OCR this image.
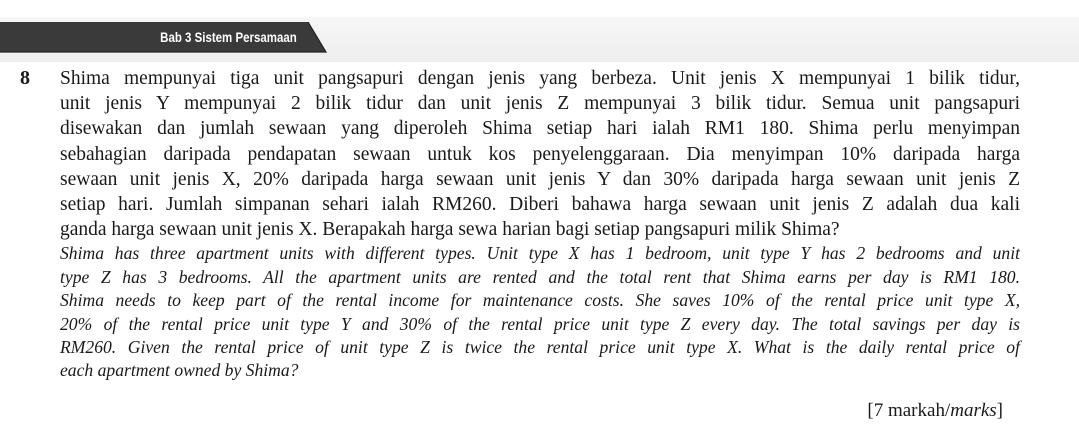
Bab 3 Sistem Persamaan
8 Shima mempunyai tiga unit pangsapuri dengan jenis yang berbeza. Unit jenis X mempunyai 1 bilik tidur,
unit jenis Y mempunyai 2 bilik tidur dan unit jenis Z mempunyai 3 bilik tidur. Semua unit pangsapuri
disewakan dan jumlah sewaan yang diperoleh Shima setiap hari ialah RM1 180. Shima perlu menyimpan
sebahagian daripada pendapatan sewaan untuk kos penyelenggaraan. Dia menyimpan 10% daripada harga
sewaan unit jenis X, 20% daripada harga sewaan unit jenis Y dan 30% daripada harga sewaan unit jenis Z
setiap hari. Jumlah simpanan sehari ialah RM260. Diberi bahawa harga sewaan unit jenis Z adalah dua kali
ganda harga sewaan unit jenis X. Berapakah harga sewa harian bagi setiap pangsapuri milik Shima?
Shima has three apartment units with different types. Unit type X has 1 bedroom, unit type Y has 2 bedrooms and unit
type Z has 3 bedrooms. All the apartment units are rented and the total rent that Shima earns per day is RM1 180.
Shima needs to keep part of the rental income for maintenance costs. She saves 10% of the rental price unit type X,
20% of the rental price unit type Y and 30% of the rental price unit type Z every day. The total savings per day is
RM260. Given the rental price of unit type Z is twice the rental price unit type X. What is the daily rental price of
each apartment owned by Shima?
[7 markah/marks]
